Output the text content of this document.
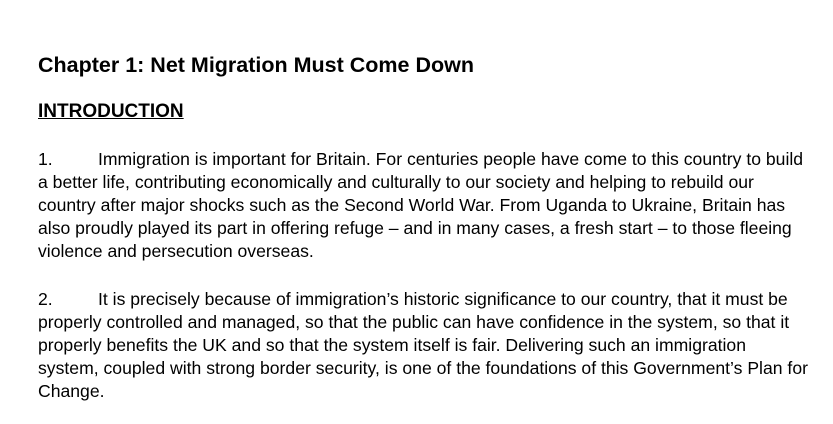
Chapter 1: Net Migration Must Come Down
INTRODUCTION

1.	Immigration is important for Britain. For centuries people have come to this country to build a better life, contributing economically and culturally to our society and helping to rebuild our country after major shocks such as the Second World War. From Uganda to Ukraine, Britain has also proudly played its part in offering refuge – and in many cases, a fresh start – to those fleeing violence and persecution overseas.

2.	It is precisely because of immigration’s historic significance to our country, that it must be properly controlled and managed, so that the public can have confidence in the system, so that it properly benefits the UK and so that the system itself is fair. Delivering such an immigration system, coupled with strong border security, is one of the foundations of this Government’s Plan for Change.
